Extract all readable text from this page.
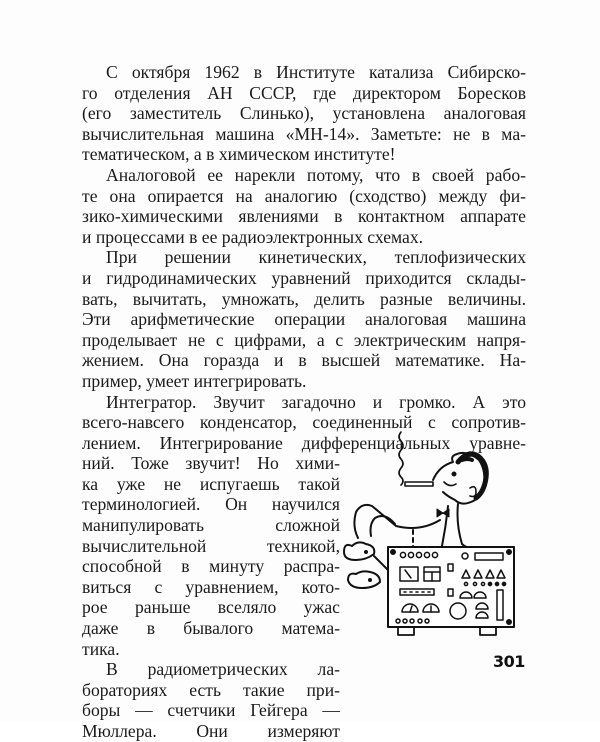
С октября 1962 в Институте катализа Сибирско-
го отделения АН СССР, где директором Боресков
(его заместитель Слинько), установлена аналоговая
вычислительная машина «МН-14». Заметьте: не в ма-
тематическом, а в химическом институте!
Аналоговой ее нарекли потому, что в своей рабо-
те она опирается на аналогию (сходство) между фи-
зико-химическими явлениями в контактном аппарате
и процессами в ее радиоэлектронных схемах.
При решении кинетических, теплофизических
и гидродинамических уравнений приходится склады-
вать, вычитать, умножать, делить разные величины.
Эти арифметические операции аналоговая машина
проделывает не с цифрами, а с электрическим напря-
жением. Она горазда и в высшей математике. На-
пример, умеет интегрировать.
Интегратор. Звучит загадочно и громко. А это
всего-навсего конденсатор, соединенный с сопротив-
лением. Интегрирование дифференциальных уравне-
ний. Тоже звучит! Но хими-
ка уже не испугаешь такой
терминологией. Он научился
манипулировать сложной
вычислительной техникой,
способной в минуту распра-
виться с уравнением, кото-
рое раньше вселяло ужас
даже в бывалого матема-
тика.
В радиометрических ла-
бораториях есть такие при-
боры — счетчики Гейгера —
Мюллера. Они измеряют
301
